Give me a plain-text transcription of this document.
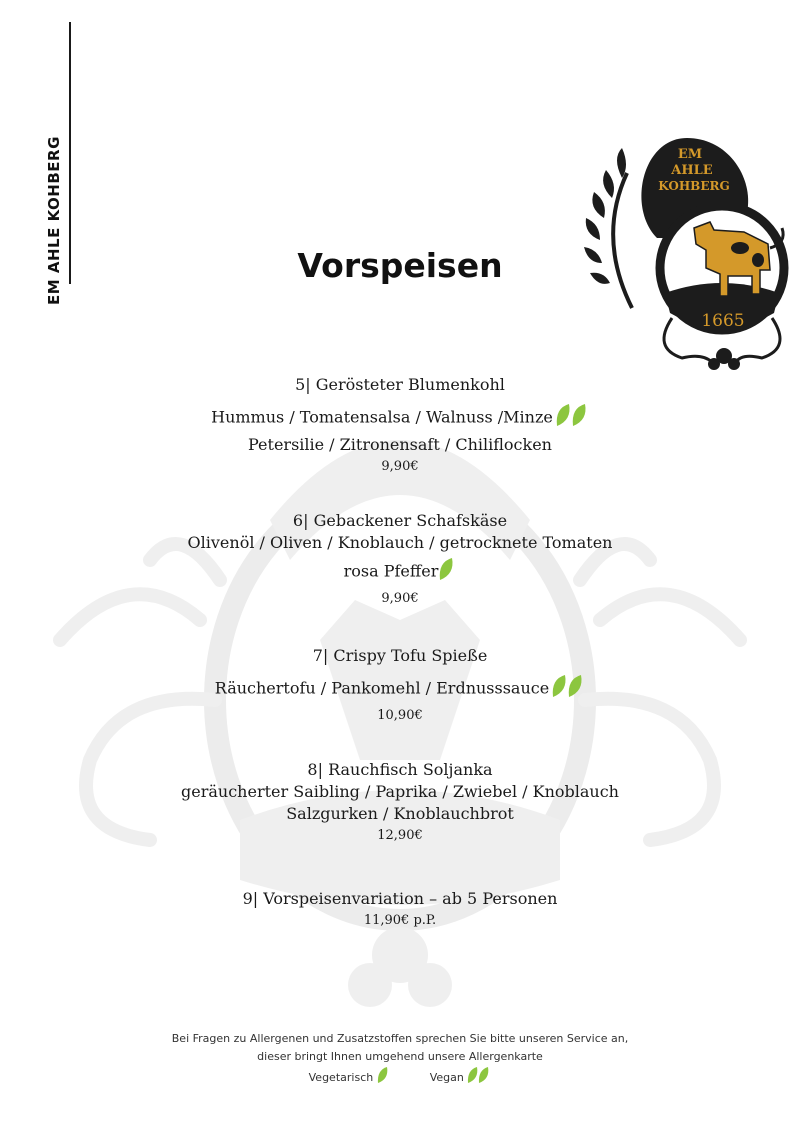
EM AHLE KOHBERG	EM
AHLE
KOHBERG
1665
Vorspeisen
5| Gerösteter Blumenkohl
Hummus / Tomatensalsa / Walnuss /Minze
Petersilie / Zitronensaft / Chiliflocken
9,90€
6| Gebackener Schafskäse
Olivenöl / Oliven / Knoblauch / getrocknete Tomaten
rosa Pfeffer
9,90€
7| Crispy Tofu Spieße
Räuchertofu / Pankomehl / Erdnusssauce
10,90€
8| Rauchfisch Soljanka
geräucherter Saibling / Paprika / Zwiebel / Knoblauch
Salzgurken / Knoblauchbrot
12,90€
9| Vorspeisenvariation – ab 5 Personen
11,90€ p.P.
Bei Fragen zu Allergenen und Zusatzstoffen sprechen Sie bitte unseren Service an,
dieser bringt Ihnen umgehend unsere Allergenkarte
Vegetarisch	Vegan
